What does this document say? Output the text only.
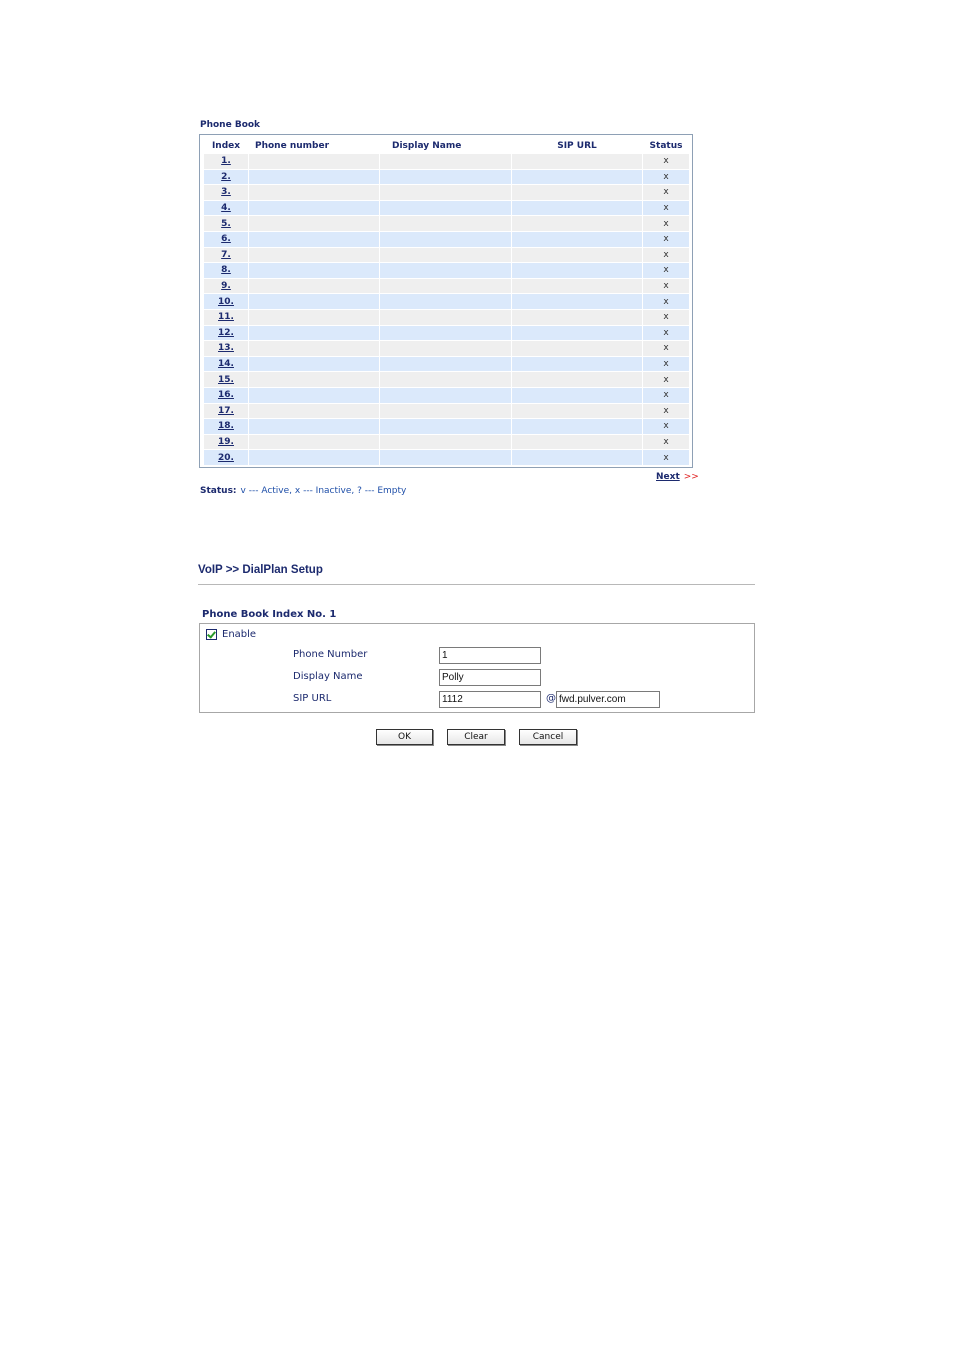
Phone Book
Index	Phone number	Display Name	SIP URL	Status
1.				x
2.				x
3.				x
4.				x
5.				x
6.				x
7.				x
8.				x
9.				x
10.				x
11.				x
12.				x
13.				x
14.				x
15.				x
16.				x
17.				x
18.				x
19.				x
20.				x
Next >>
Status: v --- Active, x --- Inactive, ? --- Empty
VoIP >> DialPlan Setup
Phone Book Index No. 1
Enable
Phone Number
1
Display Name
Polly
SIP URL
1112	@
fwd.pulver.com
OK	Clear	Cancel
